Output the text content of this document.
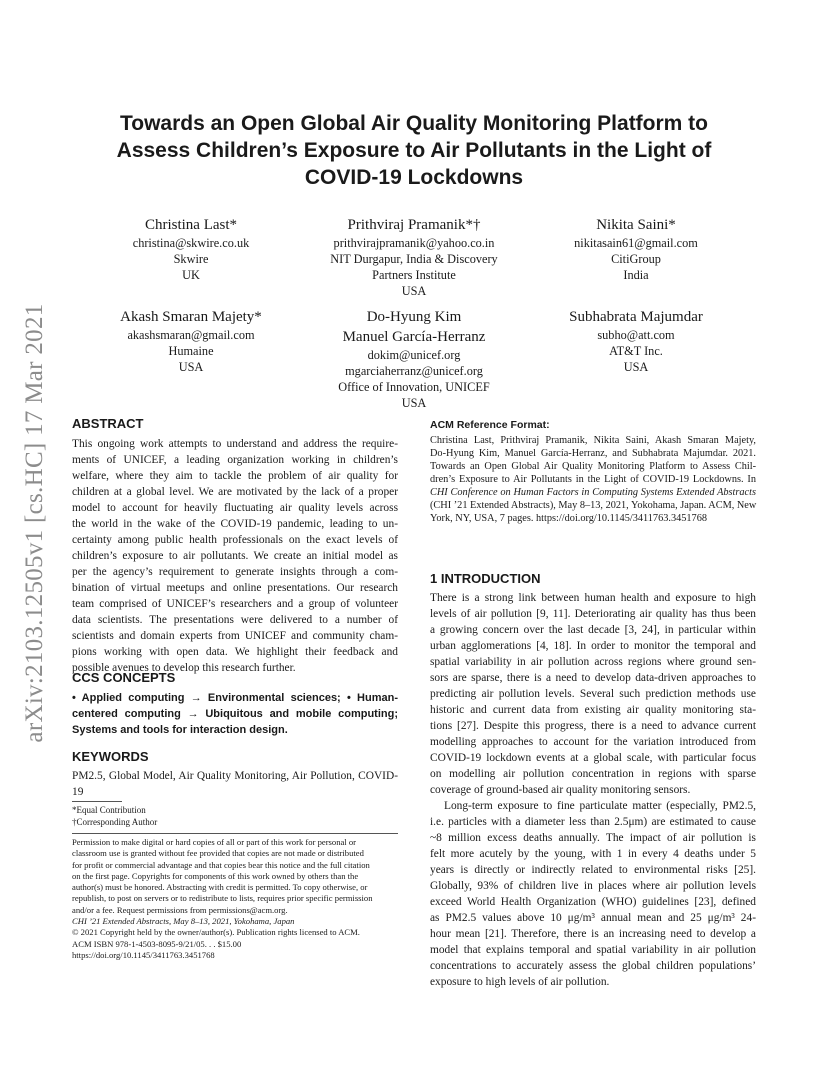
arXiv:2103.12505v1 [cs.HC] 17 Mar 2021
Towards an Open Global Air Quality Monitoring Platform to
Assess Children’s Exposure to Air Pollutants in the Light of
COVID-19 Lockdowns
Christina Last*
christina@skwire.co.uk
Skwire
UK
Prithviraj Pramanik*†
prithvirajpramanik@yahoo.co.in
NIT Durgapur, India & Discovery
Partners Institute
USA
Nikita Saini*
nikitasain61@gmail.com
CitiGroup
India
Akash Smaran Majety*
akashsmaran@gmail.com
Humaine
USA
Do-Hyung Kim
Manuel García-Herranz
dokim@unicef.org
mgarciaherranz@unicef.org
Office of Innovation, UNICEF
USA
Subhabrata Majumdar
subho@att.com
AT&T Inc.
USA
ABSTRACT
This ongoing work attempts to understand and address the require-
ments of UNICEF, a leading organization working in children’s
welfare, where they aim to tackle the problem of air quality for
children at a global level. We are motivated by the lack of a proper
model to account for heavily fluctuating air quality levels across
the world in the wake of the COVID-19 pandemic, leading to un-
certainty among public health professionals on the exact levels of
children’s exposure to air pollutants. We create an initial model as
per the agency’s requirement to generate insights through a com-
bination of virtual meetups and online presentations. Our research
team comprised of UNICEF’s researchers and a group of volunteer
data scientists. The presentations were delivered to a number of
scientists and domain experts from UNICEF and community cham-
pions working with open data. We highlight their feedback and
possible avenues to develop this research further.
CCS CONCEPTS
• Applied computing → Environmental sciences; • Human-
centered computing → Ubiquitous and mobile computing;
Systems and tools for interaction design.
KEYWORDS
PM2.5, Global Model, Air Quality Monitoring, Air Pollution, COVID-
19
*Equal Contribution
†Corresponding Author
Permission to make digital or hard copies of all or part of this work for personal or
classroom use is granted without fee provided that copies are not made or distributed
for profit or commercial advantage and that copies bear this notice and the full citation
on the first page. Copyrights for components of this work owned by others than the
author(s) must be honored. Abstracting with credit is permitted. To copy otherwise, or
republish, to post on servers or to redistribute to lists, requires prior specific permission
and/or a fee. Request permissions from permissions@acm.org.
CHI ’21 Extended Abstracts, May 8–13, 2021, Yokohama, Japan
© 2021 Copyright held by the owner/author(s). Publication rights licensed to ACM.
ACM ISBN 978-1-4503-8095-9/21/05. . . $15.00
https://doi.org/10.1145/3411763.3451768
ACM Reference Format:
Christina Last, Prithviraj Pramanik, Nikita Saini, Akash Smaran Majety,
Do-Hyung Kim, Manuel García-Herranz, and Subhabrata Majumdar. 2021.
Towards an Open Global Air Quality Monitoring Platform to Assess Chil-
dren’s Exposure to Air Pollutants in the Light of COVID-19 Lockdowns. In
CHI Conference on Human Factors in Computing Systems Extended Abstracts
(CHI ’21 Extended Abstracts), May 8–13, 2021, Yokohama, Japan. ACM, New
York, NY, USA, 7 pages. https://doi.org/10.1145/3411763.3451768
1 INTRODUCTION
There is a strong link between human health and exposure to high
levels of air pollution [9, 11]. Deteriorating air quality has thus been
a growing concern over the last decade [3, 24], in particular within
urban agglomerations [4, 18]. In order to monitor the temporal and
spatial variability in air pollution across regions where ground sen-
sors are sparse, there is a need to develop data-driven approaches to
predicting air pollution levels. Several such prediction methods use
historic and current data from existing air quality monitoring sta-
tions [27]. Despite this progress, there is a need to advance current
modelling approaches to account for the variation introduced from
COVID-19 lockdown events at a global scale, with particular focus
on modelling air pollution concentration in regions with sparse
coverage of ground-based air quality monitoring sensors.
Long-term exposure to fine particulate matter (especially, PM2.5,
i.e. particles with a diameter less than 2.5μm) are estimated to cause
~8 million excess deaths annually. The impact of air pollution is
felt more acutely by the young, with 1 in every 4 deaths under 5
years is directly or indirectly related to environmental risks [25].
Globally, 93% of children live in places where air pollution levels
exceed World Health Organization (WHO) guidelines [23], defined
as PM2.5 values above 10 μg/m³ annual mean and 25 μg/m³ 24-
hour mean [21]. Therefore, there is an increasing need to develop a
model that explains temporal and spatial variability in air pollution
concentrations to accurately assess the global children populations’
exposure to high levels of air pollution.
